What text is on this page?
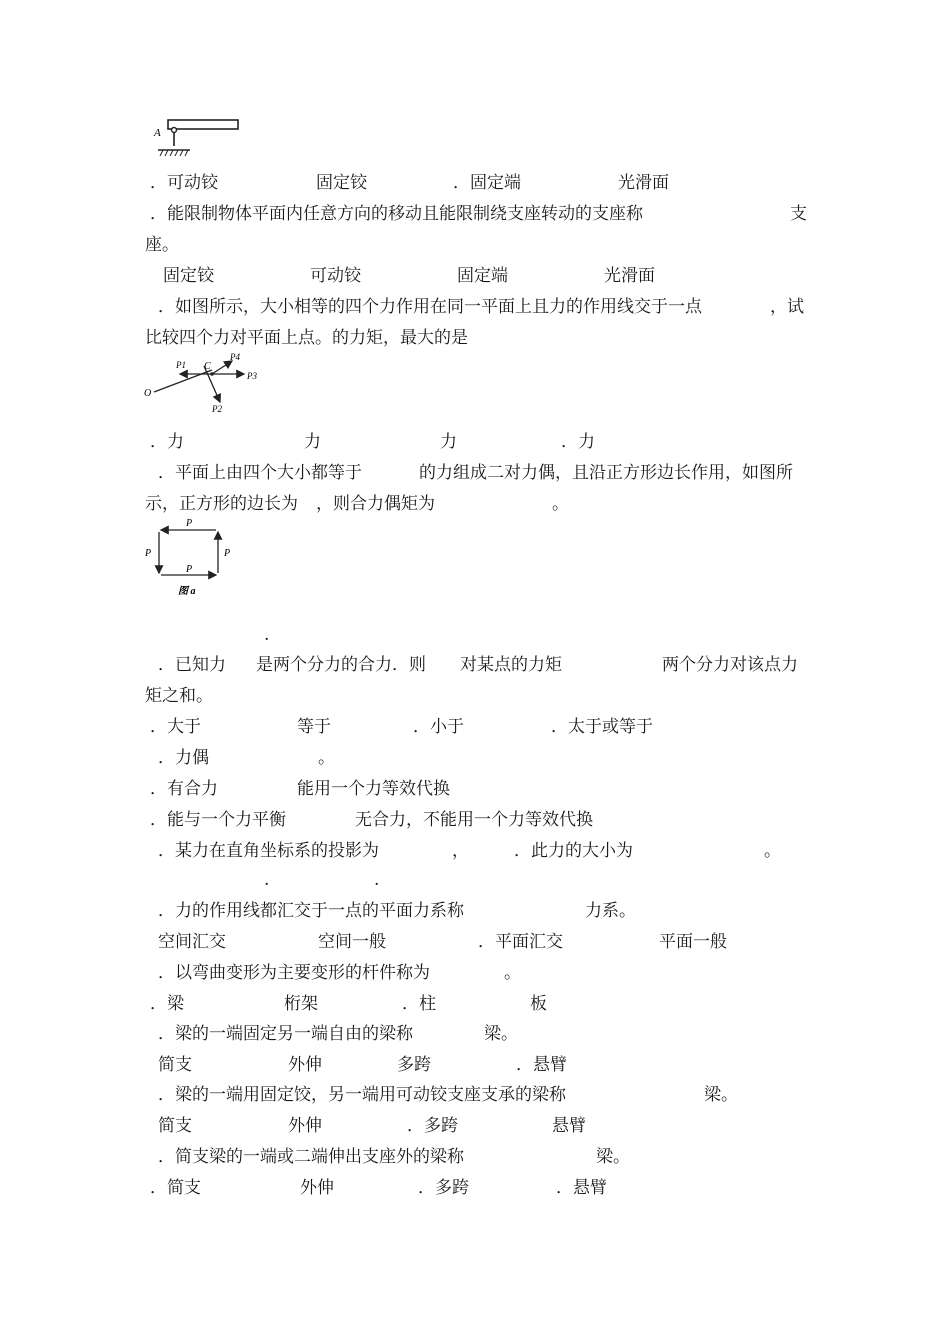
A
．可动铰	固定铰	．固定端	光滑面
．能限制物体平面内任意方向的移动且能限制绕支座转动的支座称	支
座。
固定铰	可动铰	固定端	光滑面
．如图所示，大小相等的四个力作用在同一平面上且力的作用线交于一点	，试
比较四个力对平面上点。的力矩，最大的是
O
C
P1
P4
P3
P2
．力	力	力	．力
．平面上由四个大小都等于	的力组成二对力偶，且沿正方形边长作用，如图所
示，正方形的边长为 ，则合力偶矩为	。
P
P	P
P
图 a
.
．已知力 是两个分力的合力．则 对某点的力矩	两个分力对该点力
矩之和。
．大于	等于	．小于	．太于或等于
．力偶	。
．有合力	能用一个力等效代换
．能与一个力平衡	无合力，不能用一个力等效代换
．某力在直角坐标系的投影为	，	．此力的大小为	。
.	.
．力的作用线都汇交于一点的平面力系称	力系。
空间汇交	空间一般	．平面汇交	平面一般
．以弯曲变形为主要变形的杆件称为	。
．梁	桁架	．柱	板
．梁的一端固定另一端自由的梁称	梁。
简支	外伸	多跨	．悬臂
．梁的一端用固定饺，另一端用可动铰支座支承的梁称	梁。
简支	外伸	．多跨	悬臂
．简支梁的一端或二端伸出支座外的梁称	梁。
．简支	外伸	．多跨	．悬臂
